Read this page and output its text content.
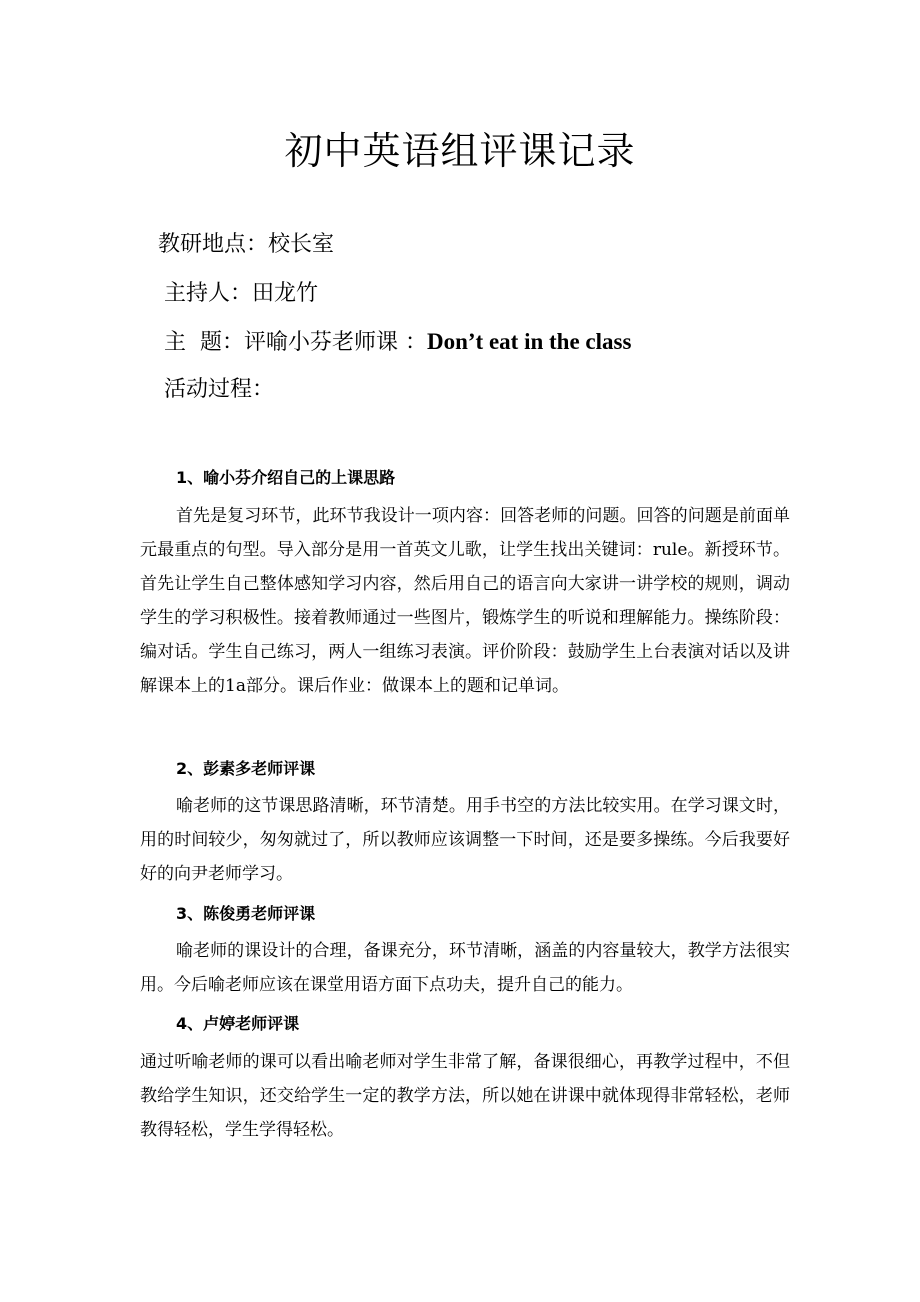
初中英语组评课记录
教研地点：校长室
主持人：田龙竹
主  题：评喻小芬老师课 ：Don’t eat in the class
活动过程：
1、喻小芬介绍自己的上课思路
首先是复习环节，此环节我设计一项内容：回答老师的问题。回答的问题是前面单元最重点的句型。导入部分是用一首英文儿歌，让学生找出关键词：rule。新授环节。首先让学生自己整体感知学习内容，然后用自己的语言向大家讲一讲学校的规则，调动学生的学习积极性。接着教师通过一些图片，锻炼学生的听说和理解能力。操练阶段：编对话。学生自己练习，两人一组练习表演。评价阶段：鼓励学生上台表演对话以及讲解课本上的1a部分。课后作业：做课本上的题和记单词。
2、彭素多老师评课
喻老师的这节课思路清晰，环节清楚。用手书空的方法比较实用。在学习课文时，用的时间较少，匆匆就过了，所以教师应该调整一下时间，还是要多操练。今后我要好好的向尹老师学习。
3、陈俊勇老师评课
喻老师的课设计的合理，备课充分，环节清晰，涵盖的内容量较大，教学方法很实用。今后喻老师应该在课堂用语方面下点功夫，提升自己的能力。
4、卢婷老师评课
通过听喻老师的课可以看出喻老师对学生非常了解，备课很细心，再教学过程中，不但教给学生知识，还交给学生一定的教学方法，所以她在讲课中就体现得非常轻松，老师教得轻松，学生学得轻松。
